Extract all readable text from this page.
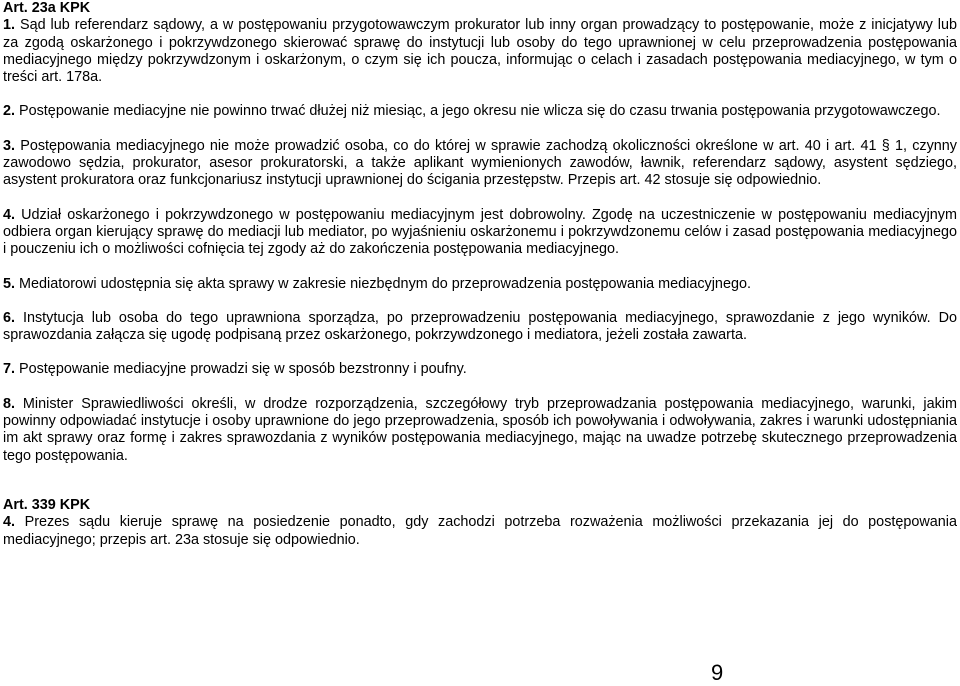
Art. 23a KPK

1. Sąd lub referendarz sądowy, a w postępowaniu przygotowawczym prokurator lub inny organ prowadzący to postępowanie, może z inicjatywy lub za zgodą oskarżonego i pokrzywdzonego skierować sprawę do instytucji lub osoby do tego uprawnionej w celu przeprowadzenia postępowania mediacyjnego między pokrzywdzonym i oskarżonym, o czym się ich poucza, informując o celach i zasadach postępowania mediacyjnego, w tym o treści art. 178a.

2. Postępowanie mediacyjne nie powinno trwać dłużej niż miesiąc, a jego okresu nie wlicza się do czasu trwania postępowania przygotowawczego.

3. Postępowania mediacyjnego nie może prowadzić osoba, co do której w sprawie zachodzą okoliczności określone w art. 40 i art. 41 § 1, czynny zawodowo sędzia, prokurator, asesor prokuratorski, a także aplikant wymienionych zawodów, ławnik, referendarz sądowy, asystent sędziego, asystent prokuratora oraz funkcjonariusz instytucji uprawnionej do ścigania przestępstw. Przepis art. 42 stosuje się odpowiednio.

4. Udział oskarżonego i pokrzywdzonego w postępowaniu mediacyjnym jest dobrowolny. Zgodę na uczestniczenie w postępowaniu mediacyjnym odbiera organ kierujący sprawę do mediacji lub mediator, po wyjaśnieniu oskarżonemu i pokrzywdzonemu celów i zasad postępowania mediacyjnego i pouczeniu ich o możliwości cofnięcia tej zgody aż do zakończenia postępowania mediacyjnego.

5. Mediatorowi udostępnia się akta sprawy w zakresie niezbędnym do przeprowadzenia postępowania mediacyjnego.

6. Instytucja lub osoba do tego uprawniona sporządza, po przeprowadzeniu postępowania mediacyjnego, sprawozdanie z jego wyników. Do sprawozdania załącza się ugodę podpisaną przez oskarżonego, pokrzywdzonego i mediatora, jeżeli została zawarta.

7. Postępowanie mediacyjne prowadzi się w sposób bezstronny i poufny.

8. Minister Sprawiedliwości określi, w drodze rozporządzenia, szczegółowy tryb przeprowadzania postępowania mediacyjnego, warunki, jakim powinny odpowiadać instytucje i osoby uprawnione do jego przeprowadzenia, sposób ich powoływania i odwoływania, zakres i warunki udostępniania im akt sprawy oraz formę i zakres sprawozdania z wyników postępowania mediacyjnego, mając na uwadze potrzebę skutecznego przeprowadzenia tego postępowania.

Art. 339 KPK

4. Prezes sądu kieruje sprawę na posiedzenie ponadto, gdy zachodzi potrzeba rozważenia możliwości przekazania jej do postępowania mediacyjnego; przepis art. 23a stosuje się odpowiednio.

9
